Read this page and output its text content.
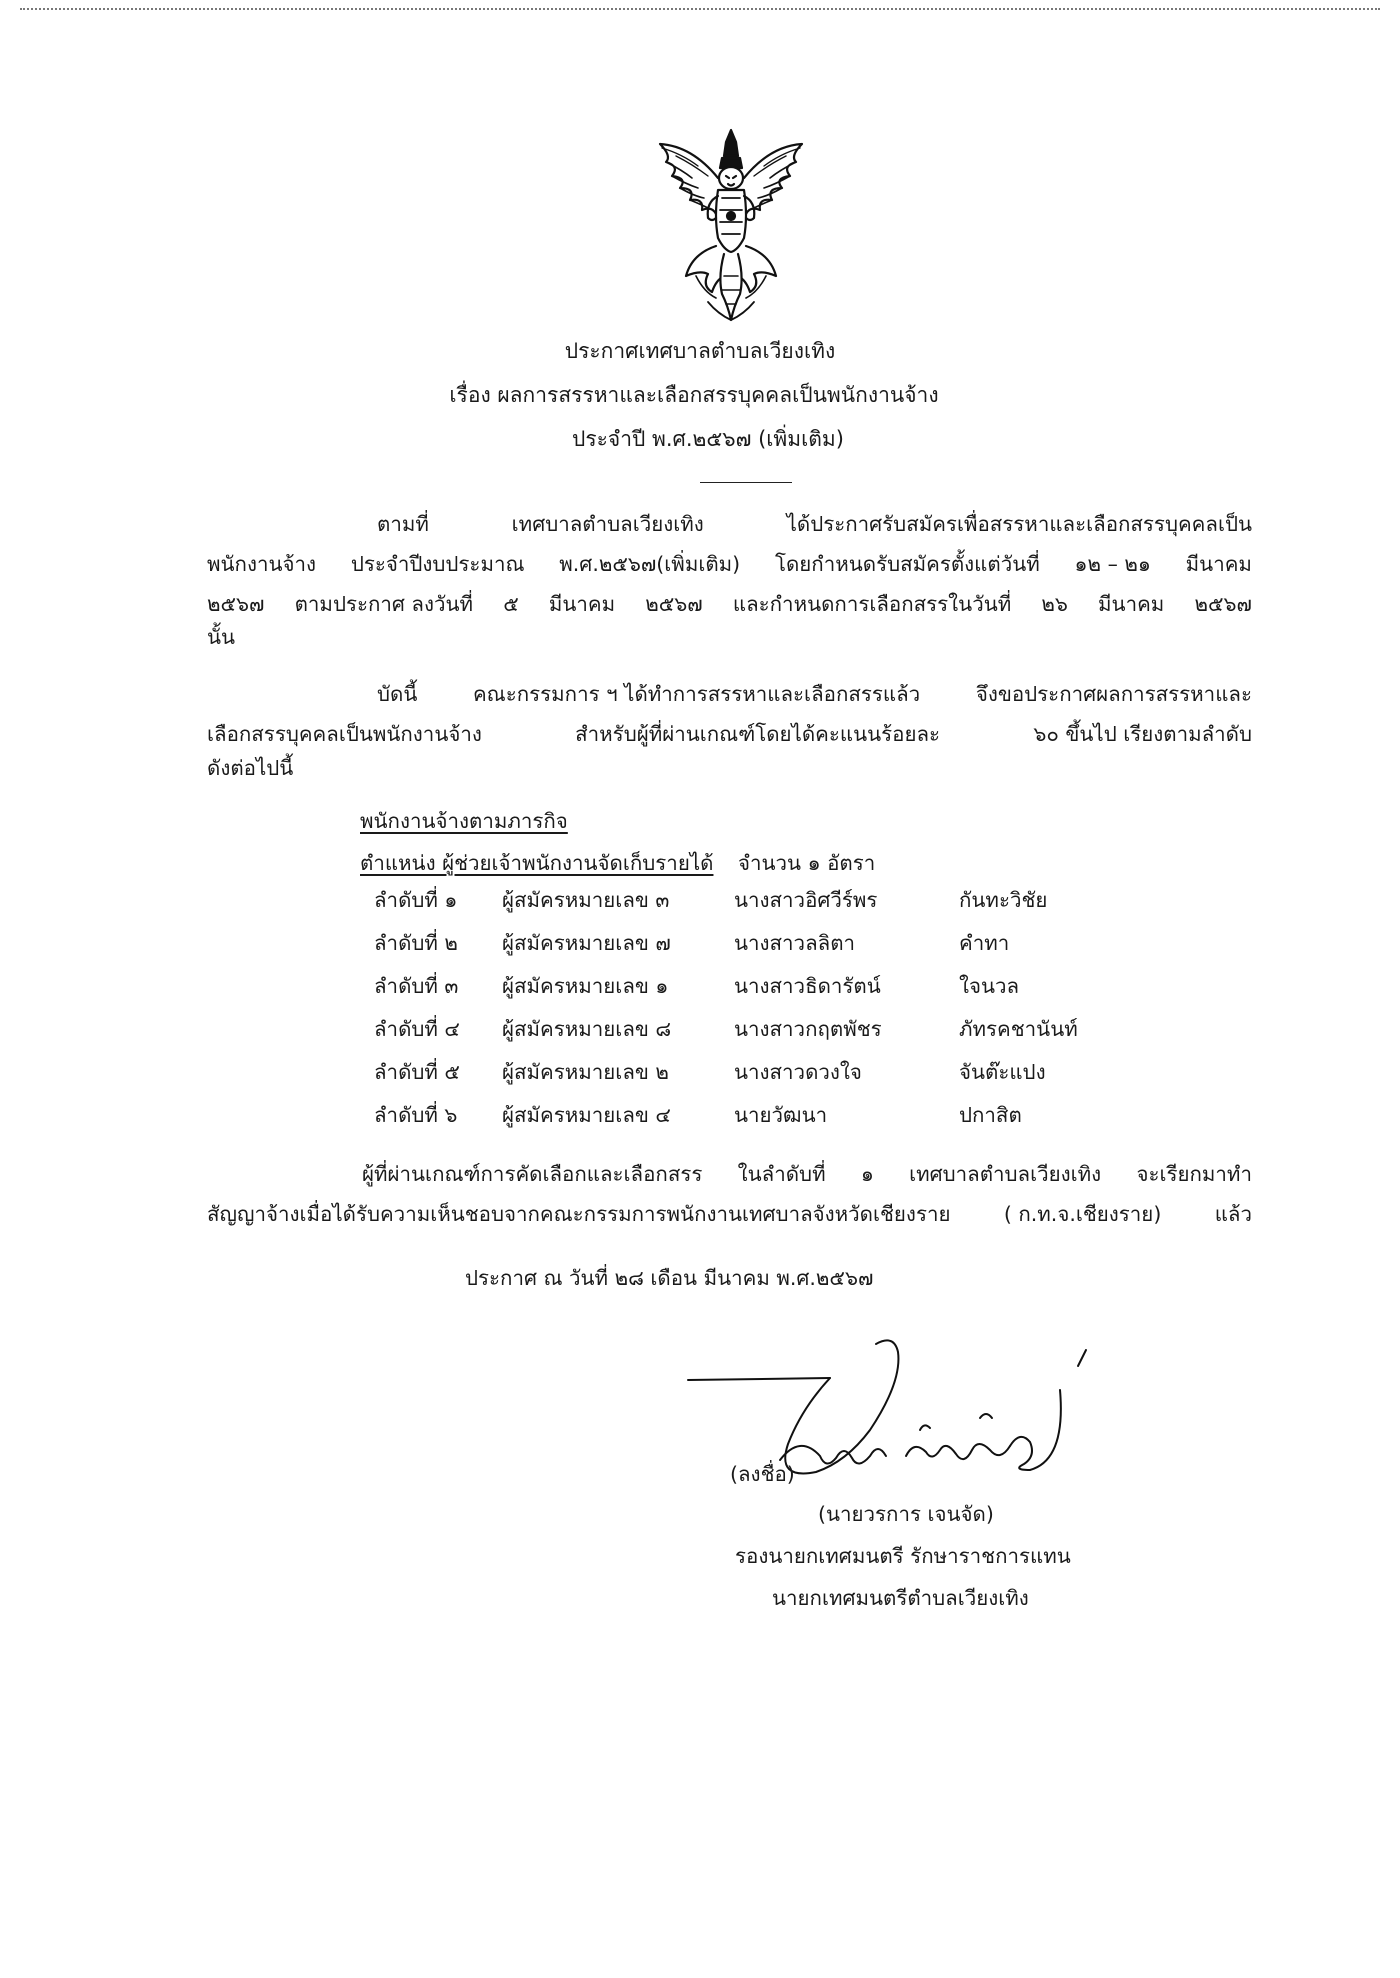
ประกาศเทศบาลตำบลเวียงเทิง
เรื่อง ผลการสรรหาและเลือกสรรบุคคลเป็นพนักงานจ้าง
ประจำปี พ.ศ.๒๕๖๗ (เพิ่มเติม)
ตามที่	เทศบาลตำบลเวียงเทิง	ได้ประกาศรับสมัครเพื่อสรรหาและเลือกสรรบุคคลเป็น
พนักงานจ้าง ประจำปีงบประมาณ พ.ศ.๒๕๖๗(เพิ่มเติม) โดยกำหนดรับสมัครตั้งแต่วันที่ ๑๒ – ๒๑ มีนาคม
๒๕๖๗ ตามประกาศ ลงวันที่ ๕ มีนาคม ๒๕๖๗ และกำหนดการเลือกสรรในวันที่ ๒๖ มีนาคม ๒๕๖๗
นั้น
บัดนี้	คณะกรรมการ ฯ ได้ทำการสรรหาและเลือกสรรแล้ว	จึงขอประกาศผลการสรรหาและ
เลือกสรรบุคคลเป็นพนักงานจ้าง	สำหรับผู้ที่ผ่านเกณฑ์โดยได้คะแนนร้อยละ	๖๐ ขึ้นไป เรียงตามลำดับ
ดังต่อไปนี้
พนักงานจ้างตามภารกิจ
ตำแหน่ง ผู้ช่วยเจ้าพนักงานจัดเก็บรายได้ จำนวน ๑ อัตรา
ลำดับที่ ๑ ผู้สมัครหมายเลข ๓	นางสาวอิศวีร์พร	กันทะวิชัย
ลำดับที่ ๒ ผู้สมัครหมายเลข ๗	นางสาวลลิตา	คำทา
ลำดับที่ ๓ ผู้สมัครหมายเลข ๑	นางสาวธิดารัตน์	ใจนวล
ลำดับที่ ๔ ผู้สมัครหมายเลข ๘	นางสาวกฤตพัชร	ภัทรคชานันท์
ลำดับที่ ๕ ผู้สมัครหมายเลข ๒	นางสาวดวงใจ	จันต๊ะแปง
ลำดับที่ ๖ ผู้สมัครหมายเลข ๔	นายวัฒนา	ปกาสิต
ผู้ที่ผ่านเกณฑ์การคัดเลือกและเลือกสรร ในลำดับที่ ๑ เทศบาลตำบลเวียงเทิง จะเรียกมาทำ
สัญญาจ้างเมื่อได้รับความเห็นชอบจากคณะกรรมการพนักงานเทศบาลจังหวัดเชียงราย	( ก.ท.จ.เชียงราย)	แล้ว
ประกาศ ณ วันที่ ๒๘ เดือน มีนาคม พ.ศ.๒๕๖๗
(ลงชื่อ)
(นายวรการ เจนจัด)
รองนายกเทศมนตรี รักษาราชการแทน
นายกเทศมนตรีตำบลเวียงเทิง
